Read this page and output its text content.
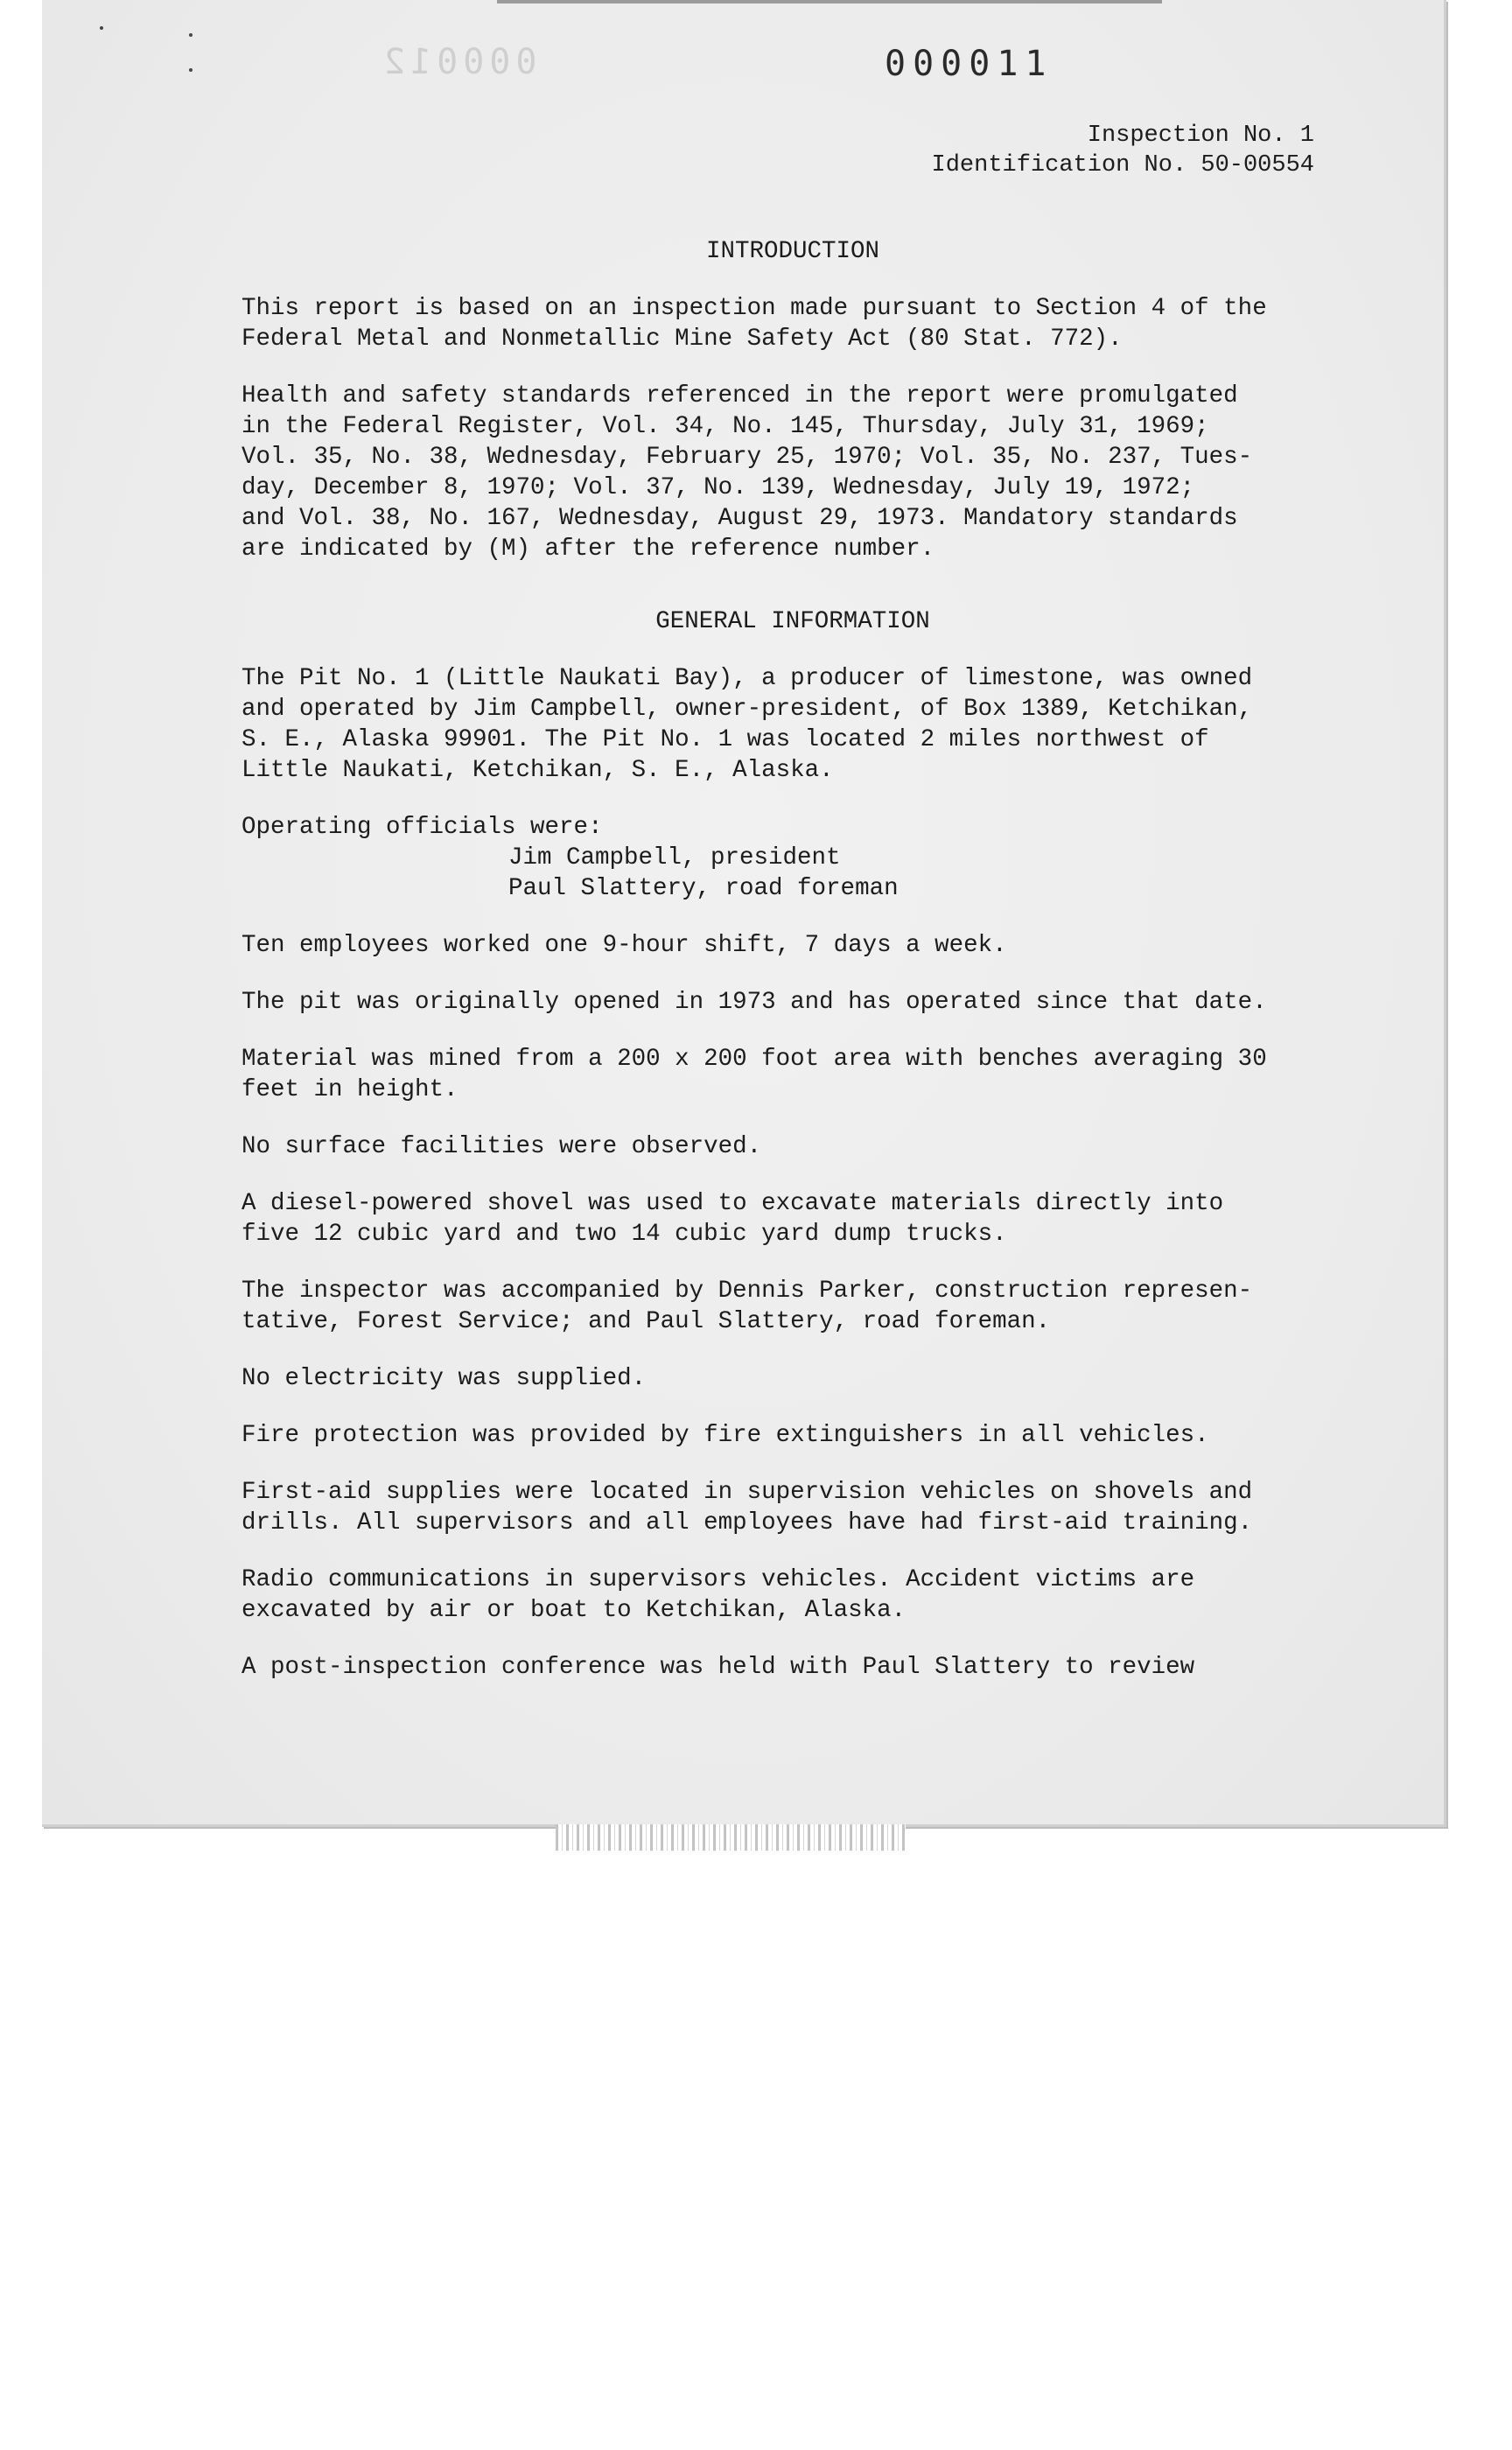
000012	000011
Inspection No. 1
Identification No. 50-00554
INTRODUCTION

This report is based on an inspection made pursuant to Section 4 of the
Federal Metal and Nonmetallic Mine Safety Act (80 Stat. 772).

Health and safety standards referenced in the report were promulgated
in the Federal Register, Vol. 34, No. 145, Thursday, July 31, 1969;
Vol. 35, No. 38, Wednesday, February 25, 1970; Vol. 35, No. 237, Tues-
day, December 8, 1970; Vol. 37, No. 139, Wednesday, July 19, 1972;
and Vol. 38, No. 167, Wednesday, August 29, 1973. Mandatory standards
are indicated by (M) after the reference number.

GENERAL INFORMATION

The Pit No. 1 (Little Naukati Bay), a producer of limestone, was owned
and operated by Jim Campbell, owner-president, of Box 1389, Ketchikan,
S. E., Alaska 99901. The Pit No. 1 was located 2 miles northwest of
Little Naukati, Ketchikan, S. E., Alaska.

Operating officials were:

Jim Campbell, president
Paul Slattery, road foreman

Ten employees worked one 9-hour shift, 7 days a week.

The pit was originally opened in 1973 and has operated since that date.

Material was mined from a 200 x 200 foot area with benches averaging 30
feet in height.

No surface facilities were observed.

A diesel-powered shovel was used to excavate materials directly into
five 12 cubic yard and two 14 cubic yard dump trucks.

The inspector was accompanied by Dennis Parker, construction represen-
tative, Forest Service; and Paul Slattery, road foreman.

No electricity was supplied.

Fire protection was provided by fire extinguishers in all vehicles.

First-aid supplies were located in supervision vehicles on shovels and
drills. All supervisors and all employees have had first-aid training.

Radio communications in supervisors vehicles. Accident victims are
excavated by air or boat to Ketchikan, Alaska.

A post-inspection conference was held with Paul Slattery to review
